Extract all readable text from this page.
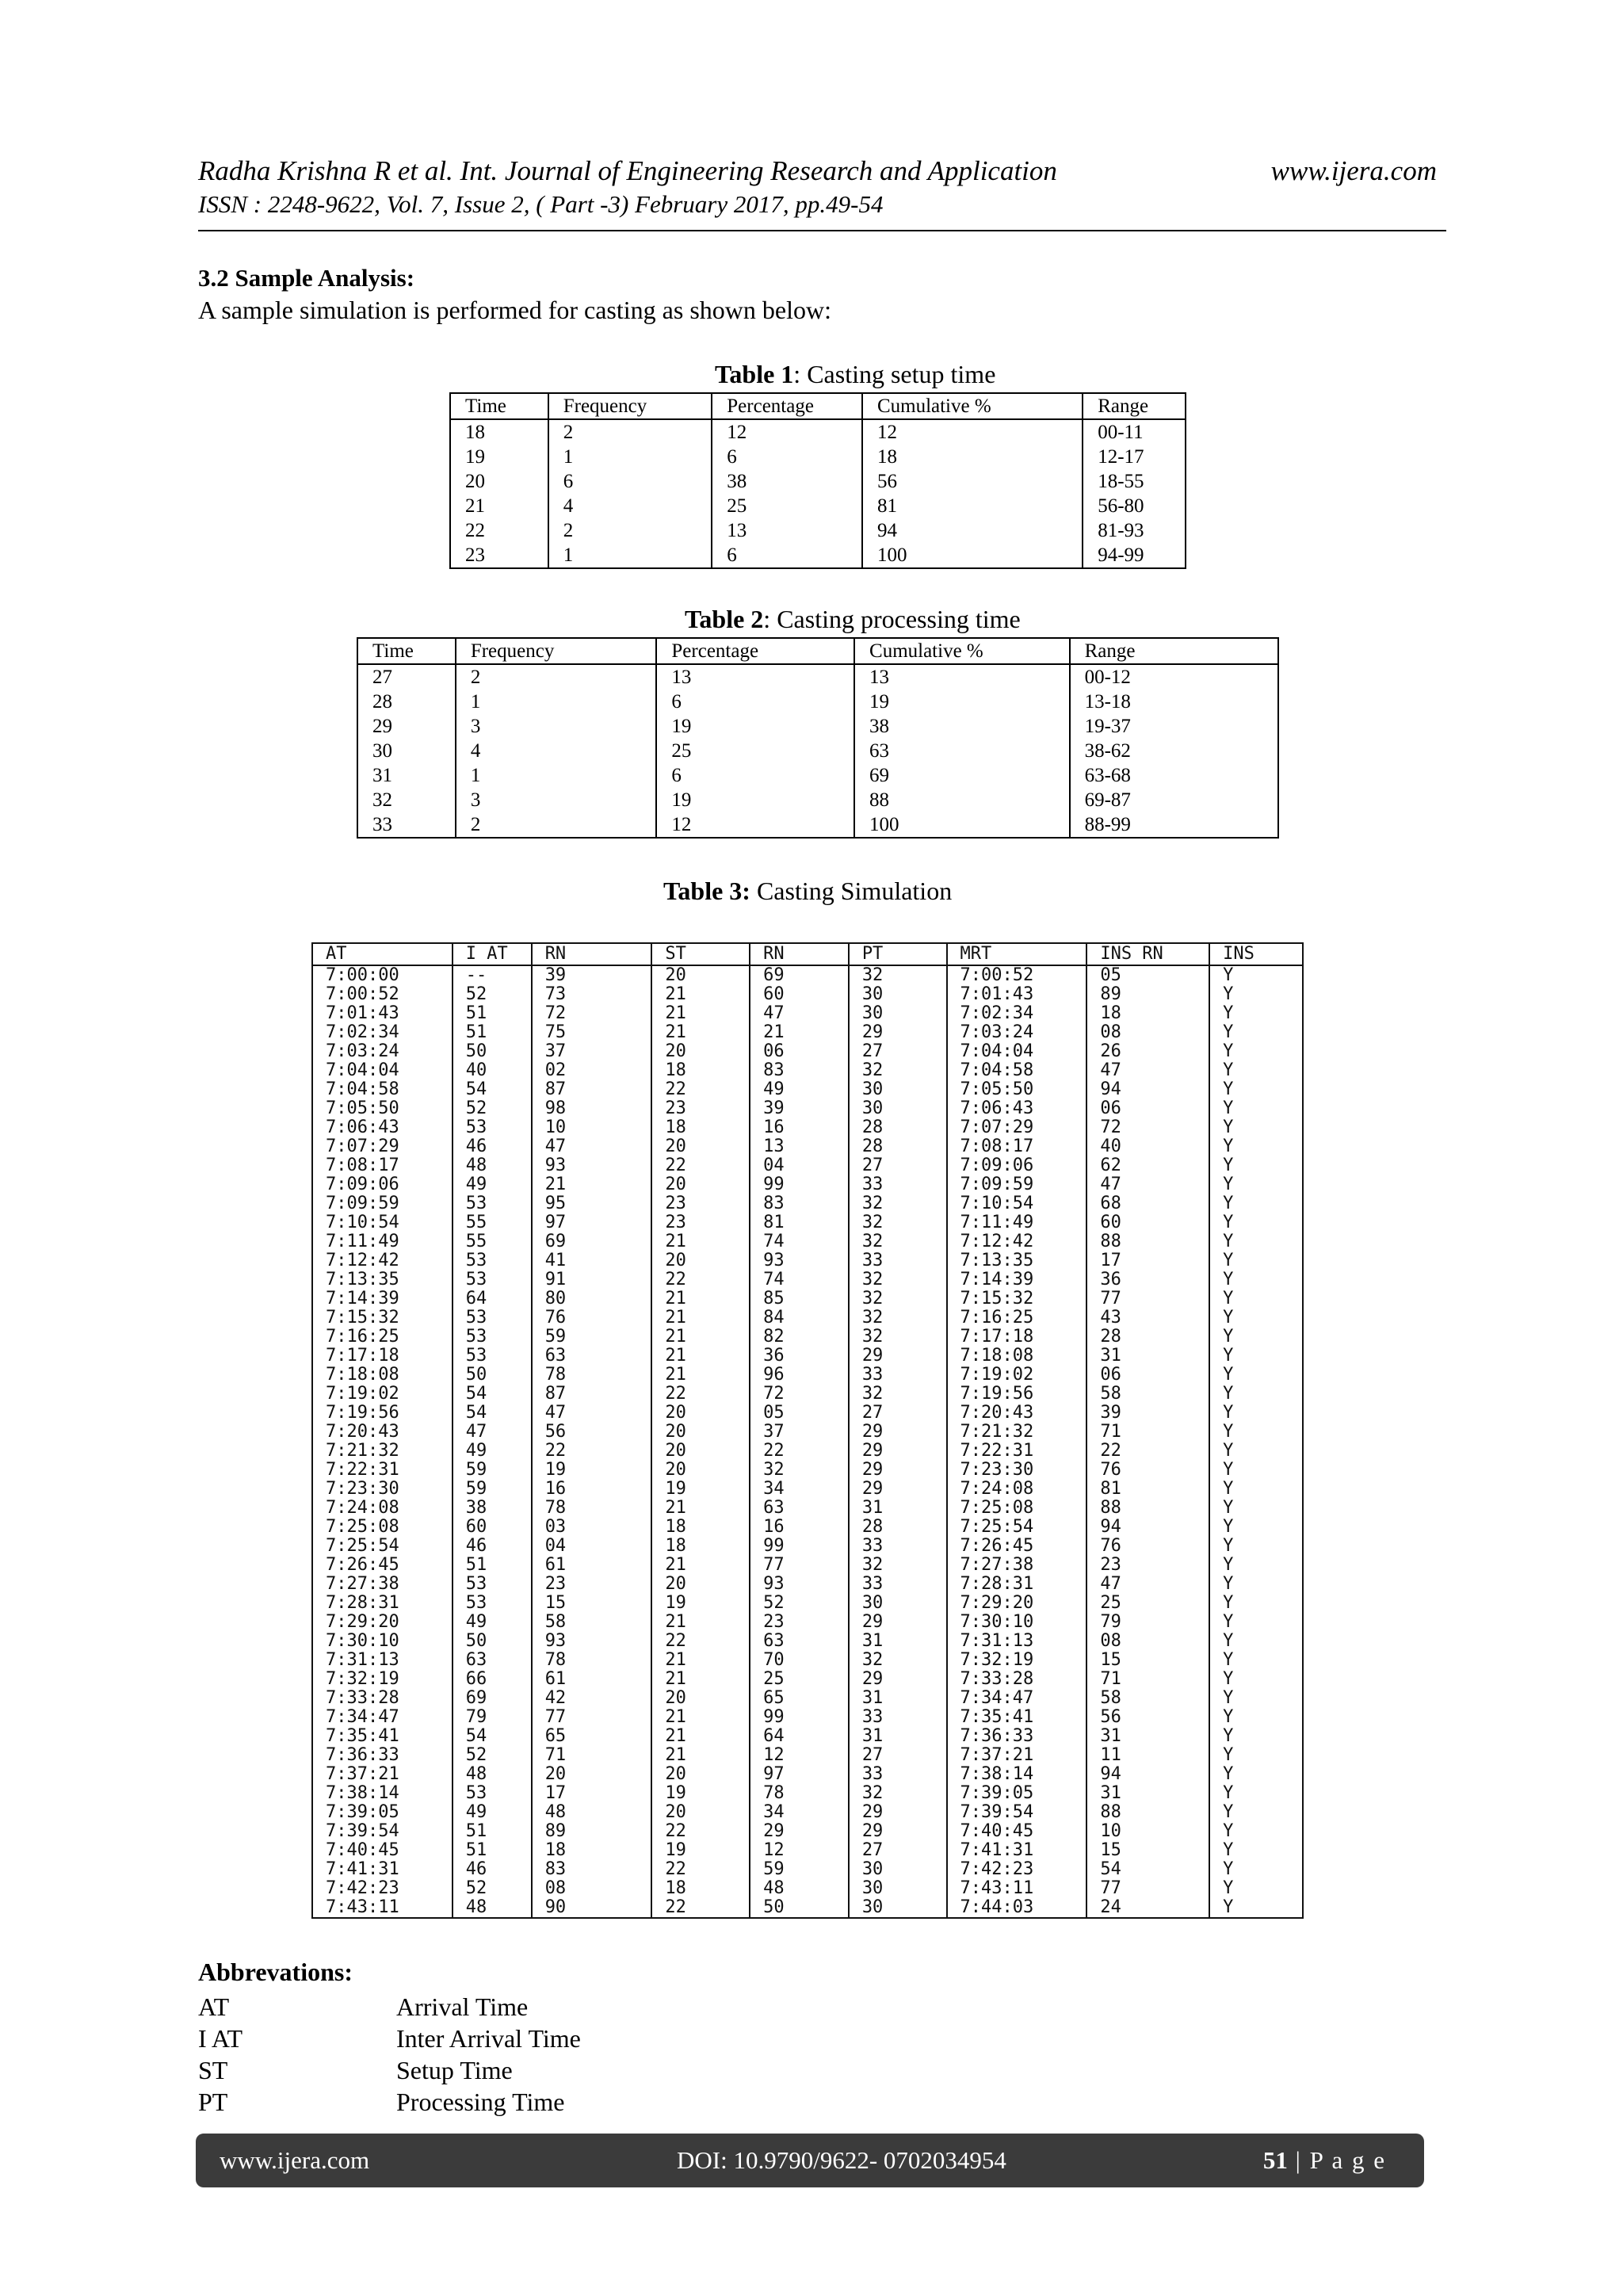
Radha Krishna R et al. Int. Journal of Engineering Research and Application	www.ijera.com
ISSN : 2248-9622, Vol. 7, Issue 2, ( Part -3) February 2017, pp.49-54
3.2 Sample Analysis:
A sample simulation is performed for casting as shown below:
Table 1: Casting setup time
Time	Frequency	Percentage	Cumulative %	Range
18	2	12	12	00-11
19	1	6	18	12-17
20	6	38	56	18-55
21	4	25	81	56-80
22	2	13	94	81-93
23	1	6	100	94-99
Table 2: Casting processing time
Time	Frequency	Percentage	Cumulative %	Range
27	2	13	13	00-12
28	1	6	19	13-18
29	3	19	38	19-37
30	4	25	63	38-62
31	1	6	69	63-68
32	3	19	88	69-87
33	2	12	100	88-99
Table 3: Casting Simulation
AT	I AT	RN	ST	RN	PT	MRT	INS RN	INS
7:00:00	--	39	20	69	32	7:00:52	05	Y
7:00:52	52	73	21	60	30	7:01:43	89	Y
7:01:43	51	72	21	47	30	7:02:34	18	Y
7:02:34	51	75	21	21	29	7:03:24	08	Y
7:03:24	50	37	20	06	27	7:04:04	26	Y
7:04:04	40	02	18	83	32	7:04:58	47	Y
7:04:58	54	87	22	49	30	7:05:50	94	Y
7:05:50	52	98	23	39	30	7:06:43	06	Y
7:06:43	53	10	18	16	28	7:07:29	72	Y
7:07:29	46	47	20	13	28	7:08:17	40	Y
7:08:17	48	93	22	04	27	7:09:06	62	Y
7:09:06	49	21	20	99	33	7:09:59	47	Y
7:09:59	53	95	23	83	32	7:10:54	68	Y
7:10:54	55	97	23	81	32	7:11:49	60	Y
7:11:49	55	69	21	74	32	7:12:42	88	Y
7:12:42	53	41	20	93	33	7:13:35	17	Y
7:13:35	53	91	22	74	32	7:14:39	36	Y
7:14:39	64	80	21	85	32	7:15:32	77	Y
7:15:32	53	76	21	84	32	7:16:25	43	Y
7:16:25	53	59	21	82	32	7:17:18	28	Y
7:17:18	53	63	21	36	29	7:18:08	31	Y
7:18:08	50	78	21	96	33	7:19:02	06	Y
7:19:02	54	87	22	72	32	7:19:56	58	Y
7:19:56	54	47	20	05	27	7:20:43	39	Y
7:20:43	47	56	20	37	29	7:21:32	71	Y
7:21:32	49	22	20	22	29	7:22:31	22	Y
7:22:31	59	19	20	32	29	7:23:30	76	Y
7:23:30	59	16	19	34	29	7:24:08	81	Y
7:24:08	38	78	21	63	31	7:25:08	88	Y
7:25:08	60	03	18	16	28	7:25:54	94	Y
7:25:54	46	04	18	99	33	7:26:45	76	Y
7:26:45	51	61	21	77	32	7:27:38	23	Y
7:27:38	53	23	20	93	33	7:28:31	47	Y
7:28:31	53	15	19	52	30	7:29:20	25	Y
7:29:20	49	58	21	23	29	7:30:10	79	Y
7:30:10	50	93	22	63	31	7:31:13	08	Y
7:31:13	63	78	21	70	32	7:32:19	15	Y
7:32:19	66	61	21	25	29	7:33:28	71	Y
7:33:28	69	42	20	65	31	7:34:47	58	Y
7:34:47	79	77	21	99	33	7:35:41	56	Y
7:35:41	54	65	21	64	31	7:36:33	31	Y
7:36:33	52	71	21	12	27	7:37:21	11	Y
7:37:21	48	20	20	97	33	7:38:14	94	Y
7:38:14	53	17	19	78	32	7:39:05	31	Y
7:39:05	49	48	20	34	29	7:39:54	88	Y
7:39:54	51	89	22	29	29	7:40:45	10	Y
7:40:45	51	18	19	12	27	7:41:31	15	Y
7:41:31	46	83	22	59	30	7:42:23	54	Y
7:42:23	52	08	18	48	30	7:43:11	77	Y
7:43:11	48	90	22	50	30	7:44:03	24	Y
Abbrevations:
AT	Arrival Time
I AT	Inter Arrival Time
ST	Setup Time
PT	Processing Time
www.ijera.com	DOI: 10.9790/9622- 0702034954	51 | P a g e
